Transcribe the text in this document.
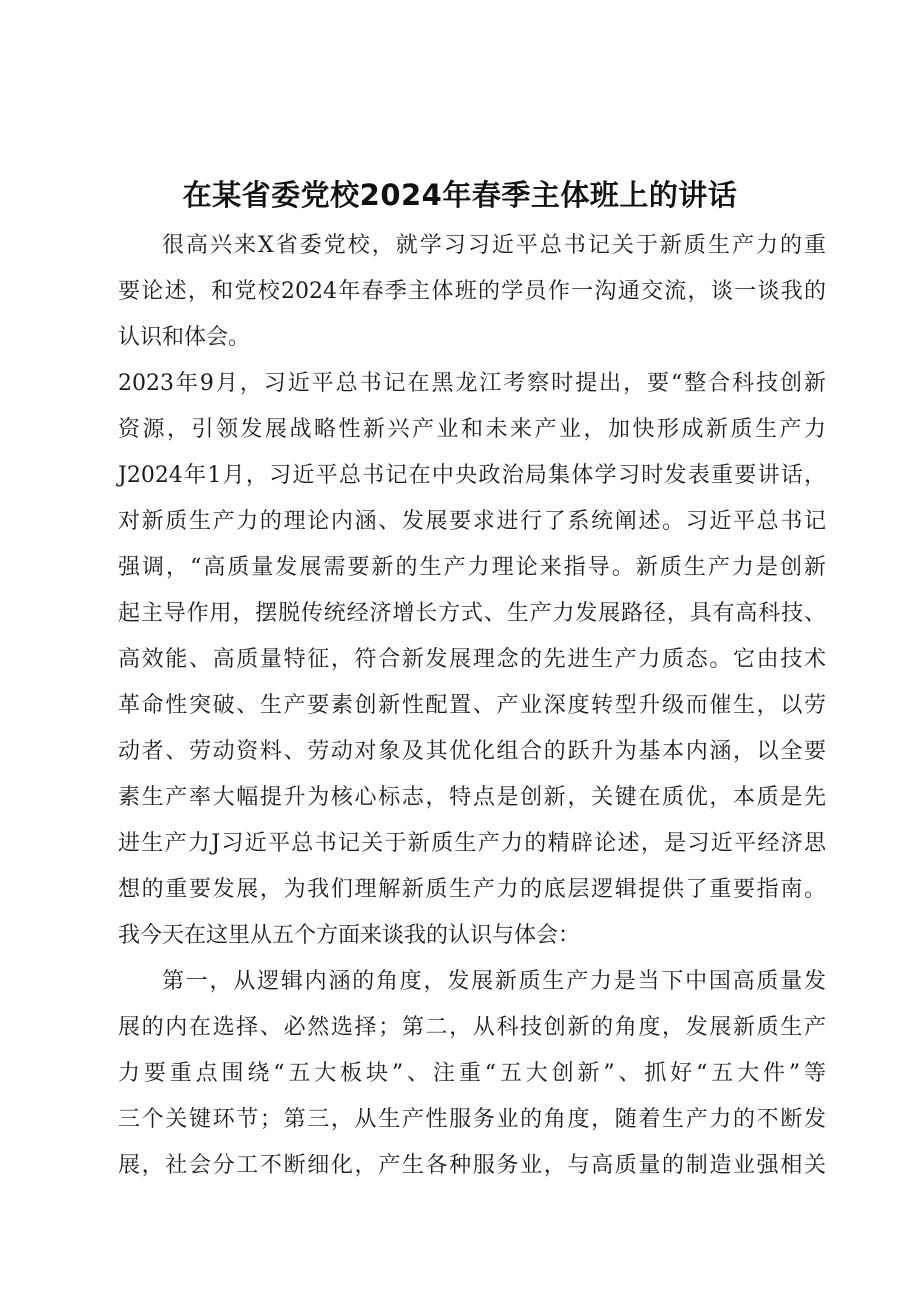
在某省委党校2024年春季主体班上的讲话
很高兴来X省委党校，就学习习近平总书记关于新质生产力的重
要论述，和党校2024年春季主体班的学员作一沟通交流，谈一谈我的
认识和体会。
2023年9月，习近平总书记在黑龙江考察时提出，要“整合科技创新
资源，引领发展战略性新兴产业和未来产业，加快形成新质生产力
J2024年1月，习近平总书记在中央政治局集体学习时发表重要讲话，
对新质生产力的理论内涵、发展要求进行了系统阐述。习近平总书记
强调，“高质量发展需要新的生产力理论来指导。新质生产力是创新
起主导作用，摆脱传统经济增长方式、生产力发展路径，具有高科技、
高效能、高质量特征，符合新发展理念的先进生产力质态。它由技术
革命性突破、生产要素创新性配置、产业深度转型升级而催生，以劳
动者、劳动资料、劳动对象及其优化组合的跃升为基本内涵，以全要
素生产率大幅提升为核心标志，特点是创新，关键在质优，本质是先
进生产力J习近平总书记关于新质生产力的精辟论述，是习近平经济思
想的重要发展，为我们理解新质生产力的底层逻辑提供了重要指南。
我今天在这里从五个方面来谈我的认识与体会：
第一，从逻辑内涵的角度，发展新质生产力是当下中国高质量发
展的内在选择、必然选择；第二，从科技创新的角度，发展新质生产
力要重点围绕“五大板块”、注重“五大创新”、抓好“五大件”等
三个关键环节；第三，从生产性服务业的角度，随着生产力的不断发
展，社会分工不断细化，产生各种服务业，与高质量的制造业强相关
